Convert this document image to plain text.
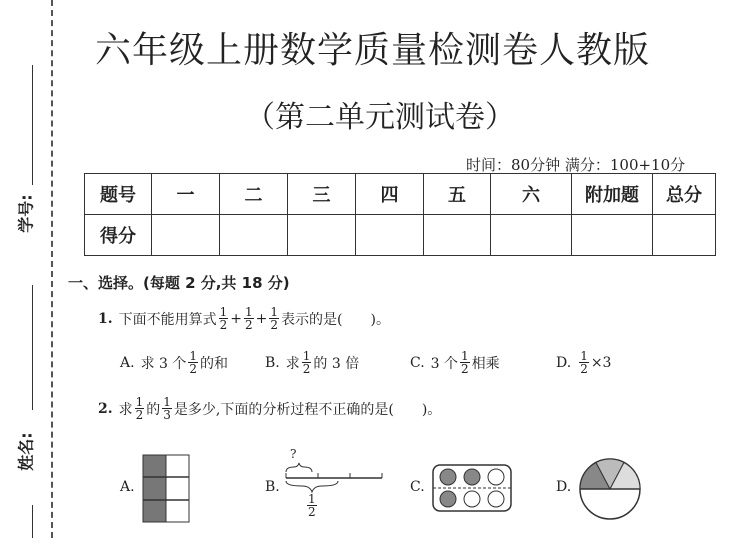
学号:
姓名:
六年级上册数学质量检测卷人教版
（第二单元测试卷）
时间：80分钟 满分：100+10分
题号	一	二	三	四	五	六	附加题	总分
得分								
一、选择。(每题 2 分,共 18 分)
1. 下面不能用算式 $\frac{1}{2} + \frac{1}{2} + \frac{1}{2}$ 表示的是(　　)。
A. 求 3 个 $\frac{1}{2}$ 的和	B. 求 $\frac{1}{2}$ 的 3 倍	C. 3 个 $\frac{1}{2}$ 相乘	D. $\frac{1}{2} \times 3$
2. 求 $\frac{1}{2}$ 的 $\frac{1}{3}$ 是多少,下面的分析过程不正确的是(　　)。
A.	B.
?
$\frac{1}{2}$
C.	D.
